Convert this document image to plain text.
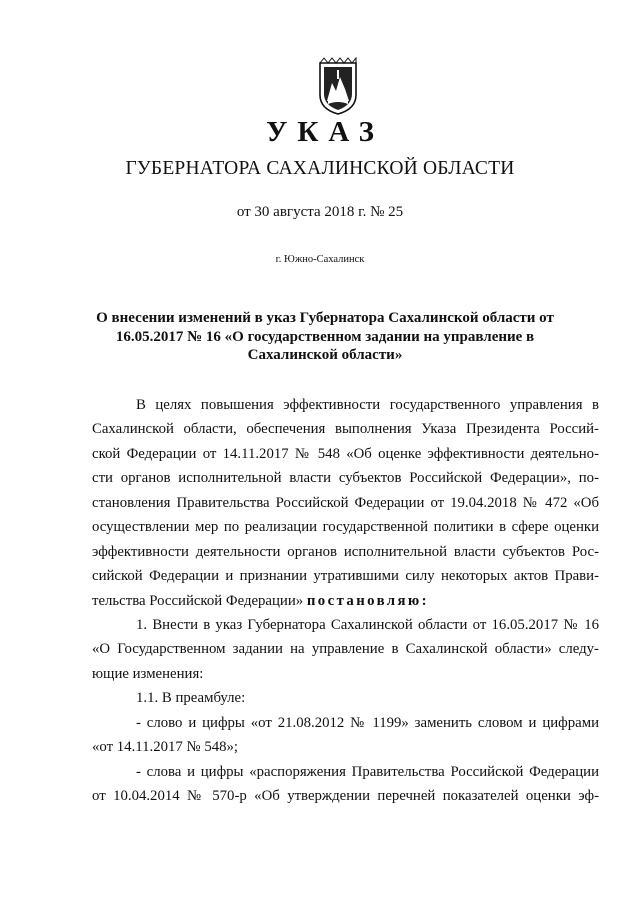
УКАЗ
ГУБЕРНАТОРА САХАЛИНСКОЙ ОБЛАСТИ
от 30 августа 2018 г. № 25
г. Южно-Сахалинск
О внесении изменений в указ Губернатора Сахалинской области от
16.05.2017 № 16 «О государственном задании на управление в
Сахалинской области»
В целях повышения эффективности государственного управления в
Сахалинской области, обеспечения выполнения Указа Президента Россий-
ской Федерации от 14.11.2017 № 548 «Об оценке эффективности деятельно-
сти органов исполнительной власти субъектов Российской Федерации», по-
становления Правительства Российской Федерации от 19.04.2018 № 472 «Об
осуществлении мер по реализации государственной политики в сфере оценки
эффективности деятельности органов исполнительной власти субъектов Рос-
сийской Федерации и признании утратившими силу некоторых актов Прави-
тельства Российской Федерации» постановляю:
1. Внести в указ Губернатора Сахалинской области от 16.05.2017 № 16
«О Государственном задании на управление в Сахалинской области» следу-
ющие изменения:
1.1. В преамбуле:
- слово и цифры «от 21.08.2012 № 1199» заменить словом и цифрами
«от 14.11.2017 № 548»;
- слова и цифры «распоряжения Правительства Российской Федерации
от 10.04.2014 № 570-р «Об утверждении перечней показателей оценки эф-
